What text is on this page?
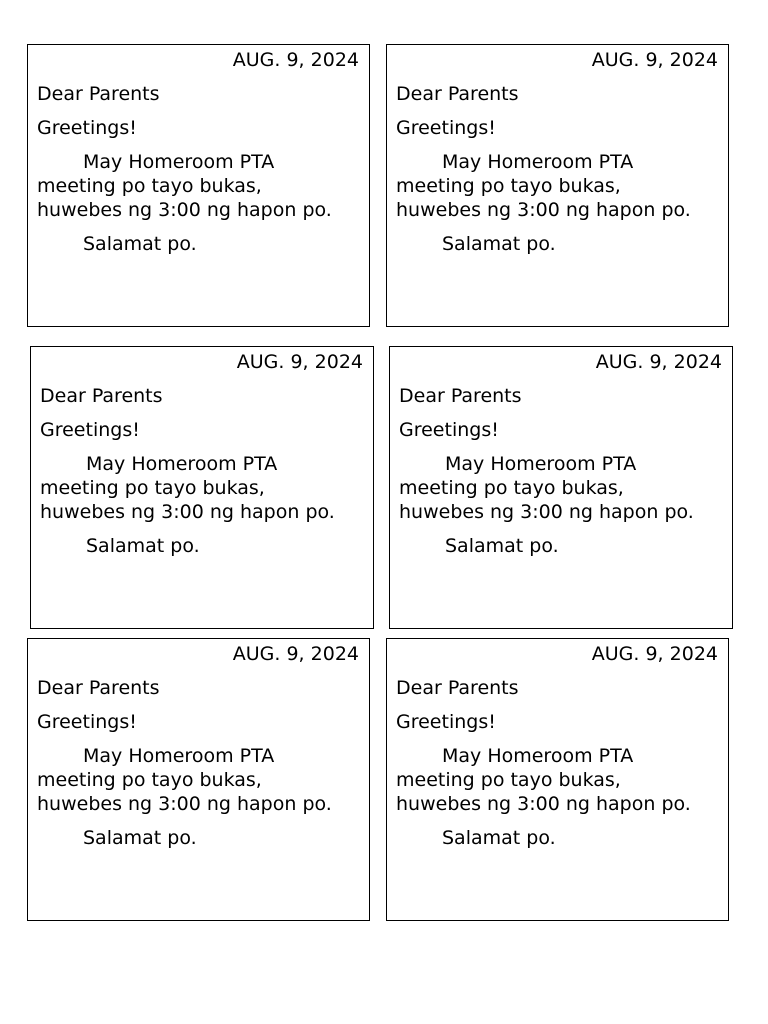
AUG. 9, 2024

Dear Parents

Greetings!

May Homeroom PTA
meeting po tayo bukas,
huwebes ng 3:00 ng hapon po.

Salamat po.

AUG. 9, 2024

Dear Parents

Greetings!

May Homeroom PTA
meeting po tayo bukas,
huwebes ng 3:00 ng hapon po.

Salamat po.

AUG. 9, 2024

Dear Parents

Greetings!

May Homeroom PTA
meeting po tayo bukas,
huwebes ng 3:00 ng hapon po.

Salamat po.

AUG. 9, 2024

Dear Parents

Greetings!

May Homeroom PTA
meeting po tayo bukas,
huwebes ng 3:00 ng hapon po.

Salamat po.

AUG. 9, 2024

Dear Parents

Greetings!

May Homeroom PTA
meeting po tayo bukas,
huwebes ng 3:00 ng hapon po.

Salamat po.

AUG. 9, 2024

Dear Parents

Greetings!

May Homeroom PTA
meeting po tayo bukas,
huwebes ng 3:00 ng hapon po.

Salamat po.
